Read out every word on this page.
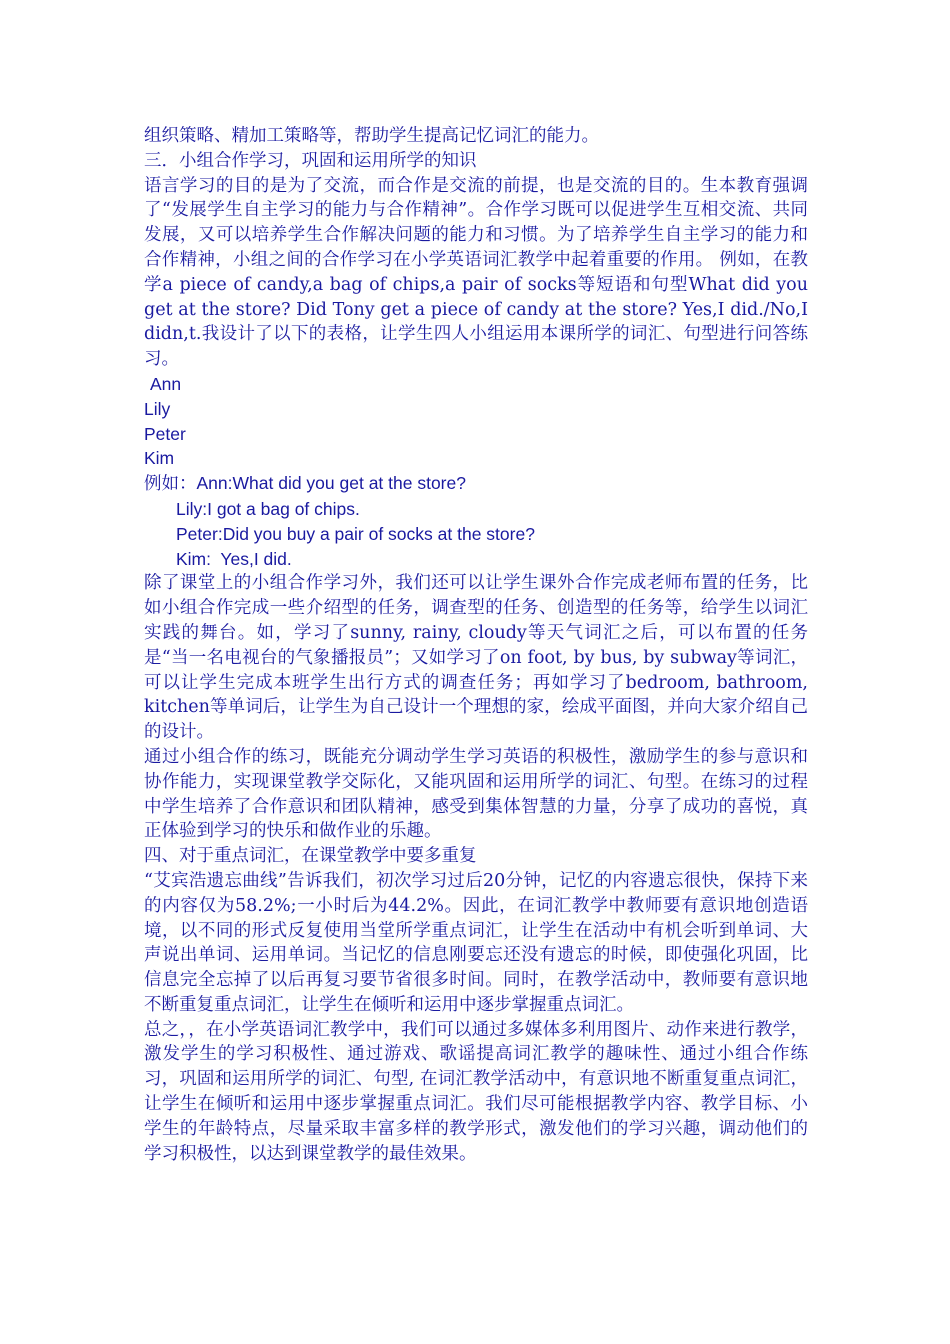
组织策略、精加工策略等，帮助学生提高记忆词汇的能力。

三．小组合作学习，巩固和运用所学的知识

语言学习的目的是为了交流，而合作是交流的前提，也是交流的目的。生本教育强调了“发展学生自主学习的能力与合作精神”。合作学习既可以促进学生互相交流、共同发展，又可以培养学生合作解决问题的能力和习惯。为了培养学生自主学习的能力和合作精神，小组之间的合作学习在小学英语词汇教学中起着重要的作用。 例如，在教学a piece of candy,a bag of chips,a pair of socks等短语和句型What did you get at the store? Did Tony get a piece of candy at the store? Yes,I did./No,I didn,t.我设计了以下的表格，让学生四人小组运用本课所学的词汇、句型进行问答练习。

Ann
Lily
Peter
Kim

例如：Ann:What did you get at the store?
Lily:I got a bag of chips.
Peter:Did you buy a pair of socks at the store?
Kim:  Yes,I did.

除了课堂上的小组合作学习外，我们还可以让学生课外合作完成老师布置的任务，比如小组合作完成一些介绍型的任务，调查型的任务、创造型的任务等，给学生以词汇实践的舞台。如，学习了sunny, rainy, cloudy等天气词汇之后，可以布置的任务是“当一名电视台的气象播报员”；又如学习了on foot, by bus, by subway等词汇，可以让学生完成本班学生出行方式的调查任务；再如学习了bedroom, bathroom, kitchen等单词后，让学生为自己设计一个理想的家，绘成平面图，并向大家介绍自己的设计。

通过小组合作的练习，既能充分调动学生学习英语的积极性，激励学生的参与意识和协作能力，实现课堂教学交际化，又能巩固和运用所学的词汇、句型。在练习的过程中学生培养了合作意识和团队精神，感受到集体智慧的力量，分享了成功的喜悦，真正体验到学习的快乐和做作业的乐趣。

四、对于重点词汇，在课堂教学中要多重复

“艾宾浩遗忘曲线”告诉我们，初次学习过后20分钟，记忆的内容遗忘很快，保持下来的内容仅为58.2%;一小时后为44.2%。因此，在词汇教学中教师要有意识地创造语境，以不同的形式反复使用当堂所学重点词汇，让学生在活动中有机会听到单词、大声说出单词、运用单词。当记忆的信息刚要忘还没有遗忘的时候，即使强化巩固，比信息完全忘掉了以后再复习要节省很多时间。同时，在教学活动中，教师要有意识地不断重复重点词汇，让学生在倾听和运用中逐步掌握重点词汇。

总之，，在小学英语词汇教学中，我们可以通过多媒体多利用图片、动作来进行教学，激发学生的学习积极性、通过游戏、歌谣提高词汇教学的趣味性、通过小组合作练习，巩固和运用所学的词汇、句型, 在词汇教学活动中，有意识地不断重复重点词汇，让学生在倾听和运用中逐步掌握重点词汇。我们尽可能根据教学内容、教学目标、小学生的年龄特点，尽量采取丰富多样的教学形式，激发他们的学习兴趣，调动他们的学习积极性，以达到课堂教学的最佳效果。
